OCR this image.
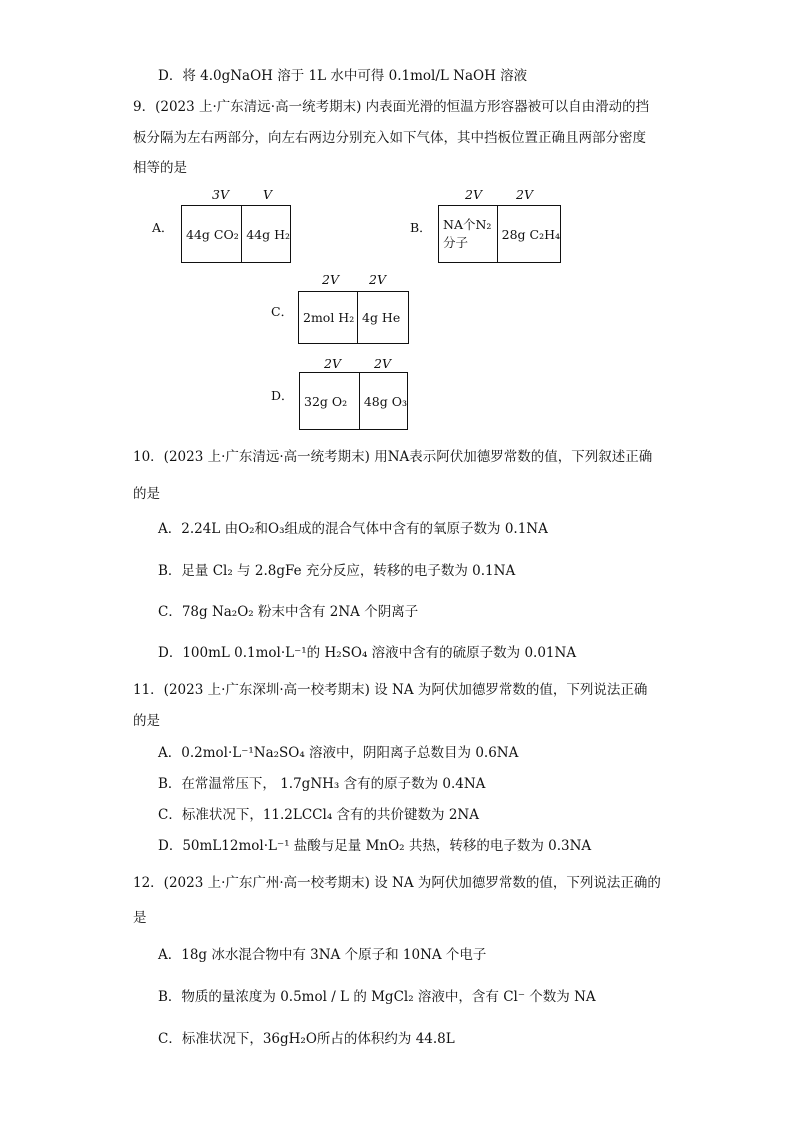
D．将 4.0gNaOH 溶于 1L 水中可得 0.1mol/L NaOH 溶液
9．(2023 上·广东清远·高一统考期末) 内表面光滑的恒温方形容器被可以自由滑动的挡
板分隔为左右两部分，向左右两边分别充入如下气体，其中挡板位置正确且两部分密度
相等的是
A．
3V	V
44g CO₂ 44g H₂	B．
2V	2V
NA个N₂
分子
28g C₂H₄
C．
2V 2V
2mol H₂ 4g He
D．
2V	2V
32g O₂	48g O₃
10．(2023 上·广东清远·高一统考期末) 用NA表示阿伏加德罗常数的值，下列叙述正确
的是
A．2.24L 由O₂和O₃组成的混合气体中含有的氧原子数为 0.1NA
B．足量 Cl₂ 与 2.8gFe 充分反应，转移的电子数为 0.1NA
C．78g Na₂O₂ 粉末中含有 2NA 个阴离子
D．100mL 0.1mol·L⁻¹的 H₂SO₄ 溶液中含有的硫原子数为 0.01NA
11．(2023 上·广东深圳·高一校考期末) 设 NA 为阿伏加德罗常数的值，下列说法正确
的是
A．0.2mol·L⁻¹Na₂SO₄ 溶液中，阴阳离子总数目为 0.6NA
B．在常温常压下， 1.7gNH₃ 含有的原子数为 0.4NA
C．标准状况下，11.2LCCl₄ 含有的共价键数为 2NA
D．50mL12mol·L⁻¹ 盐酸与足量 MnO₂ 共热，转移的电子数为 0.3NA
12．(2023 上·广东广州·高一校考期末) 设 NA 为阿伏加德罗常数的值，下列说法正确的
是
A．18g 冰水混合物中有 3NA 个原子和 10NA 个电子
B．物质的量浓度为 0.5mol / L 的 MgCl₂ 溶液中，含有 Cl⁻ 个数为 NA
C．标准状况下，36gH₂O所占的体积约为 44.8L
